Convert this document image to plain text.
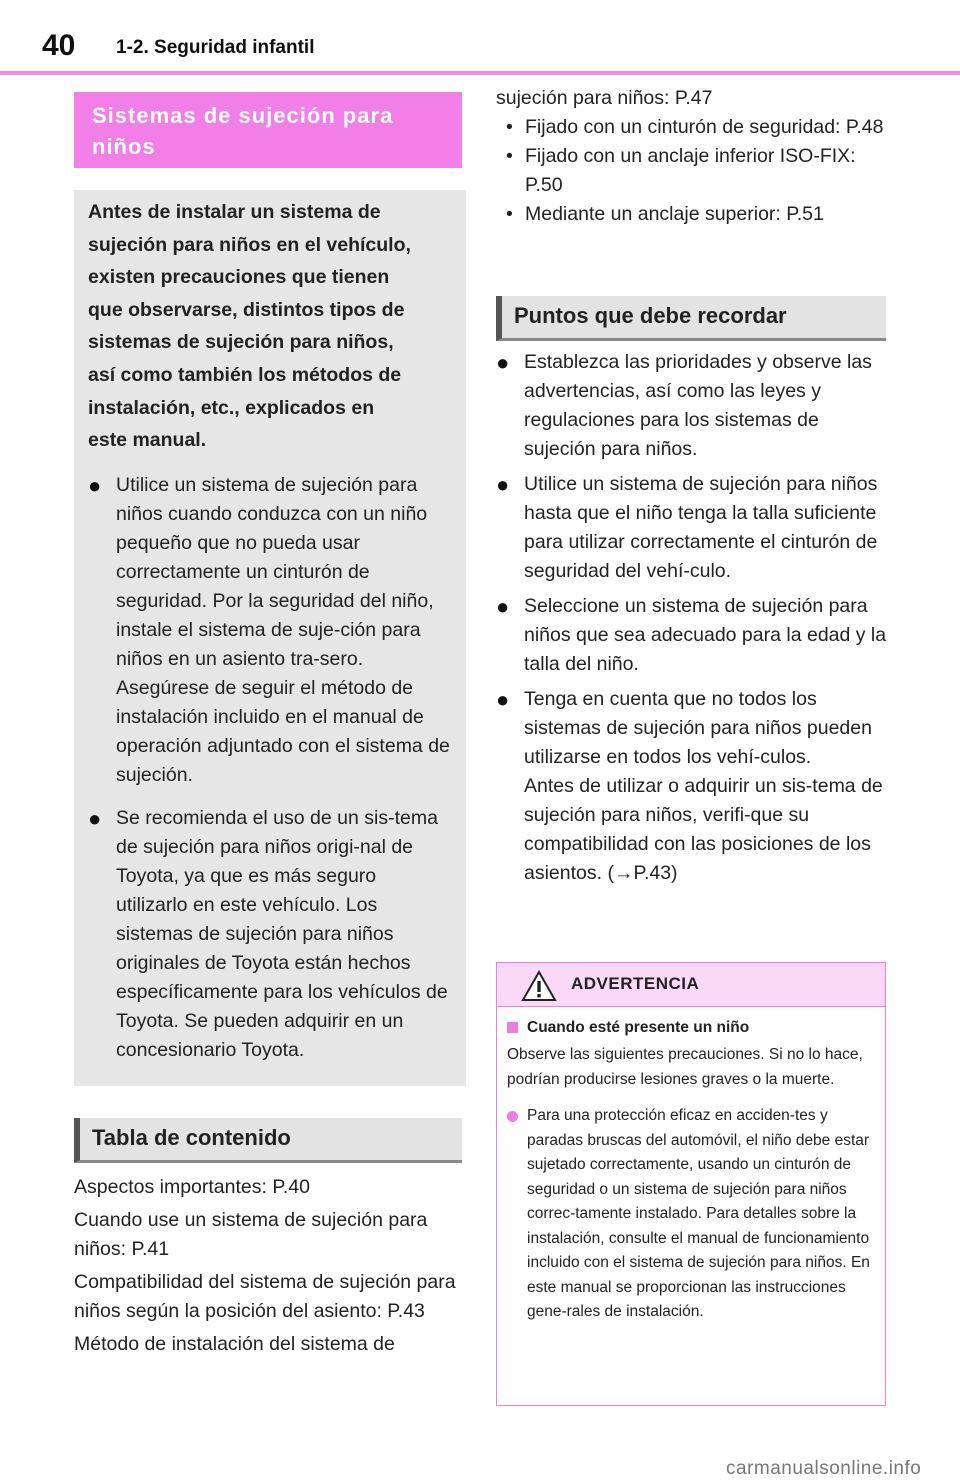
40 1-2. Seguridad infantil
Sistemas de sujeción para
niños
Antes de instalar un sistema de
sujeción para niños en el vehículo,
existen precauciones que tienen
que observarse, distintos tipos de
sistemas de sujeción para niños,
así como también los métodos de
instalación, etc., explicados en
este manual.
● Utilice un sistema de sujeción para niños cuando conduzca con un niño pequeño que no pueda usar correctamente un cinturón de seguridad. Por la seguridad del niño, instale el sistema de suje-ción para niños en un asiento tra-sero. Asegúrese de seguir el método de instalación incluido en el manual de operación adjuntado con el sistema de sujeción.
● Se recomienda el uso de un sis-tema de sujeción para niños origi-nal de Toyota, ya que es más seguro utilizarlo en este vehículo. Los sistemas de sujeción para niños originales de Toyota están hechos específicamente para los vehículos de Toyota. Se pueden adquirir en un concesionario Toyota.
Tabla de contenido

Aspectos importantes: P.40

Cuando use un sistema de sujeción para niños: P.41

Compatibilidad del sistema de sujeción para niños según la posición del asiento: P.43

Método de instalación del sistema de

sujeción para niños: P.47
• Fijado con un cinturón de seguridad: P.48
• Fijado con un anclaje inferior ISO-FIX: P.50
• Mediante un anclaje superior: P.51
Puntos que debe recordar
● Establezca las prioridades y observe las advertencias, así como las leyes y regulaciones para los sistemas de sujeción para niños.
● Utilice un sistema de sujeción para niños hasta que el niño tenga la talla suficiente para utilizar correctamente el cinturón de seguridad del vehí-culo.
● Seleccione un sistema de sujeción para niños que sea adecuado para la edad y la talla del niño.
● Tenga en cuenta que no todos los sistemas de sujeción para niños pueden utilizarse en todos los vehí-culos.
Antes de utilizar o adquirir un sis-tema de sujeción para niños, verifi-que su compatibilidad con las posiciones de los asientos. (→P.43)
ADVERTENCIA
Cuando esté presente un niño
Observe las siguientes precauciones. Si no lo hace, podrían producirse lesiones graves o la muerte.
Para una protección eficaz en acciden-tes y paradas bruscas del automóvil, el niño debe estar sujetado correctamente, usando un cinturón de seguridad o un sistema de sujeción para niños correc-tamente instalado. Para detalles sobre la instalación, consulte el manual de funcionamiento incluido con el sistema de sujeción para niños. En este manual se proporcionan las instrucciones gene-rales de instalación.
carmanualsonline.info
